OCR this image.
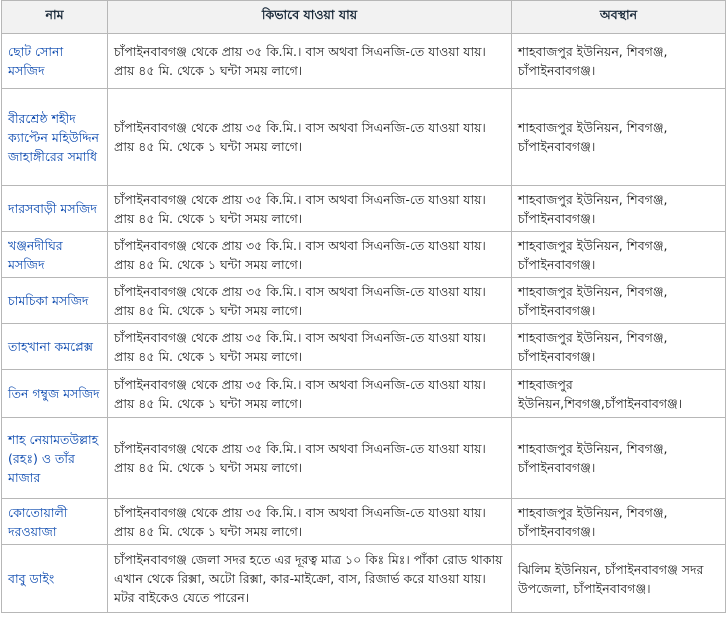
নাম	কিভাবে যাওয়া যায়	অবস্থান
ছোট সোনা মসজিদ	চাঁপাইনবাবগঞ্জ থেকে প্রায় ৩৫ কি.মি.। বাস অথবা সিএনজি-তে যাওয়া যায়। প্রায় ৪৫ মি. থেকে ১ ঘন্টা সময় লাগে।	শাহবাজপুর ইউনিয়ন, শিবগঞ্জ, চাঁপাইনবাবগঞ্জ।
বীরশ্রেষ্ঠ শহীদ ক্যাপ্টেন মহিউদ্দিন জাহাঙ্গীরের সমাধি	চাঁপাইনবাবগঞ্জ থেকে প্রায় ৩৫ কি.মি.। বাস অথবা সিএনজি-তে যাওয়া যায়। প্রায় ৪৫ মি. থেকে ১ ঘন্টা সময় লাগে।	শাহবাজপুর ইউনিয়ন, শিবগঞ্জ, চাঁপাইনবাবগঞ্জ।
দারসবাড়ী মসজিদ	চাঁপাইনবাবগঞ্জ থেকে প্রায় ৩৫ কি.মি.। বাস অথবা সিএনজি-তে যাওয়া যায়। প্রায় ৪৫ মি. থেকে ১ ঘন্টা সময় লাগে।	শাহবাজপুর ইউনিয়ন, শিবগঞ্জ, চাঁপাইনবাবগঞ্জ।
খঞ্জনদীঘির মসজিদ	চাঁপাইনবাবগঞ্জ থেকে প্রায় ৩৫ কি.মি.। বাস অথবা সিএনজি-তে যাওয়া যায়। প্রায় ৪৫ মি. থেকে ১ ঘন্টা সময় লাগে।	শাহবাজপুর ইউনিয়ন, শিবগঞ্জ, চাঁপাইনবাবগঞ্জ।
চামচিকা মসজিদ	চাঁপাইনবাবগঞ্জ থেকে প্রায় ৩৫ কি.মি.। বাস অথবা সিএনজি-তে যাওয়া যায়। প্রায় ৪৫ মি. থেকে ১ ঘন্টা সময় লাগে।	শাহবাজপুর ইউনিয়ন, শিবগঞ্জ, চাঁপাইনবাবগঞ্জ।
তাহখানা কমপ্লেক্স	চাঁপাইনবাবগঞ্জ থেকে প্রায় ৩৫ কি.মি.। বাস অথবা সিএনজি-তে যাওয়া যায়। প্রায় ৪৫ মি. থেকে ১ ঘন্টা সময় লাগে।	শাহবাজপুর ইউনিয়ন, শিবগঞ্জ, চাঁপাইনবাবগঞ্জ।
তিন গম্বুজ মসজিদ	চাঁপাইনবাবগঞ্জ থেকে প্রায় ৩৫ কি.মি.। বাস অথবা সিএনজি-তে যাওয়া যায়। প্রায় ৪৫ মি. থেকে ১ ঘন্টা সময় লাগে।	শাহবাজপুর ইউনিয়ন,শিবগঞ্জ,চাঁপাইনবাবগঞ্জ।
শাহ নেয়ামতউল্লাহ (রহঃ) ও তাঁর মাজার	চাঁপাইনবাবগঞ্জ থেকে প্রায় ৩৫ কি.মি.। বাস অথবা সিএনজি-তে যাওয়া যায়। প্রায় ৪৫ মি. থেকে ১ ঘন্টা সময় লাগে।	শাহবাজপুর ইউনিয়ন, শিবগঞ্জ, চাঁপাইনবাবগঞ্জ।
কোতোয়ালী দরওয়াজা	চাঁপাইনবাবগঞ্জ থেকে প্রায় ৩৫ কি.মি.। বাস অথবা সিএনজি-তে যাওয়া যায়। প্রায় ৪৫ মি. থেকে ১ ঘন্টা সময় লাগে।	শাহবাজপুর ইউনিয়ন, শিবগঞ্জ, চাঁপাইনবাবগঞ্জ।
বাবু ডাইং	চাঁপাইনবাবগঞ্জ জেলা সদর হতে এর দূরত্ব মাত্র ১০ কিঃ মিঃ। পাঁকা রোড থাকায় এখান থেকে রিক্সা, অটো রিক্সা, কার-মাইক্রো, বাস, রিজার্ভ করে যাওয়া যায়। মটর বাইকেও যেতে পারেন।	ঝিলিম ইউনিয়ন, চাঁপাইনবাবগঞ্জ সদর উপজেলা, চাঁপাইনবাবগঞ্জ।
